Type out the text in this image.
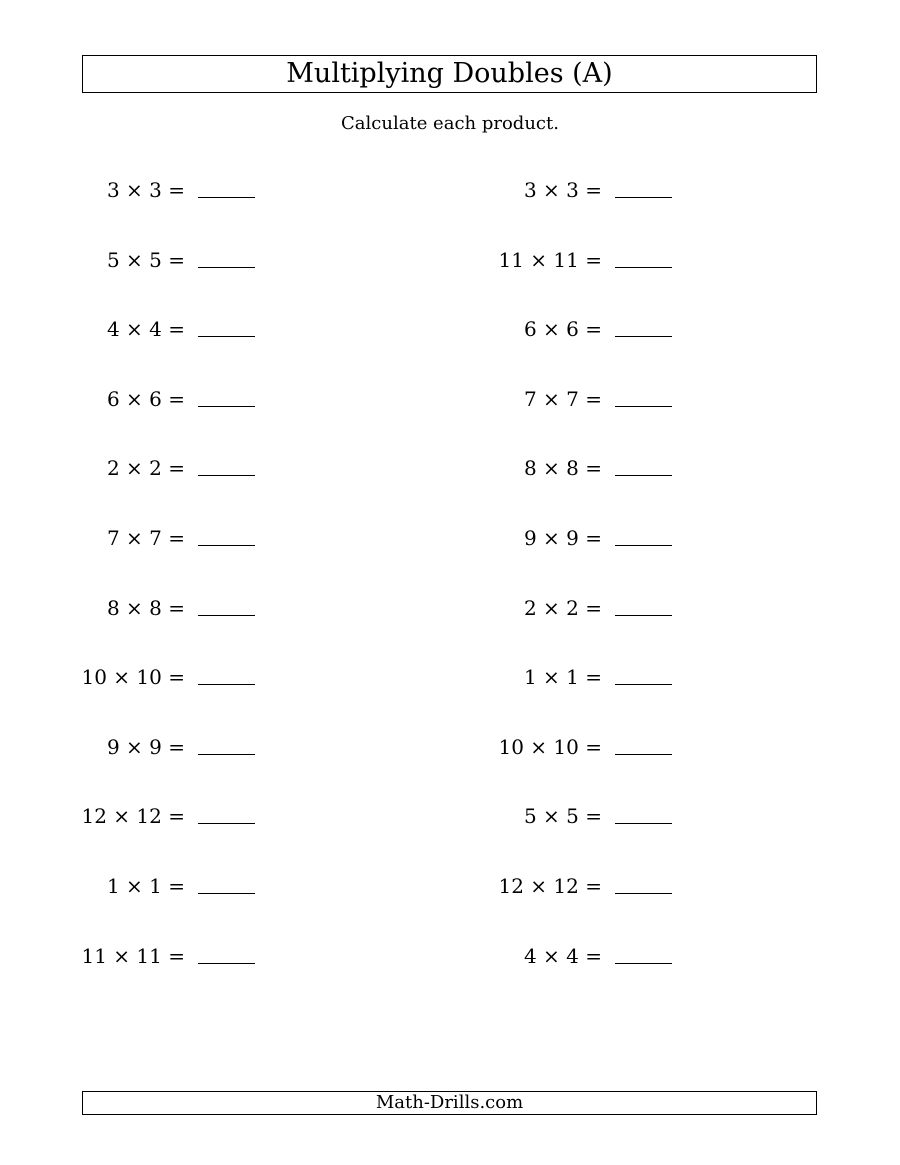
Multiplying Doubles (A)
Calculate each product.
3 × 3 =
5 × 5 =
4 × 4 =
6 × 6 =
2 × 2 =
7 × 7 =
8 × 8 =
10 × 10 =
9 × 9 =
12 × 12 =
1 × 1 =
11 × 11 =
3 × 3 =
11 × 11 =
6 × 6 =
7 × 7 =
8 × 8 =
9 × 9 =
2 × 2 =
1 × 1 =
10 × 10 =
5 × 5 =
12 × 12 =
4 × 4 =
Math-Drills.com
